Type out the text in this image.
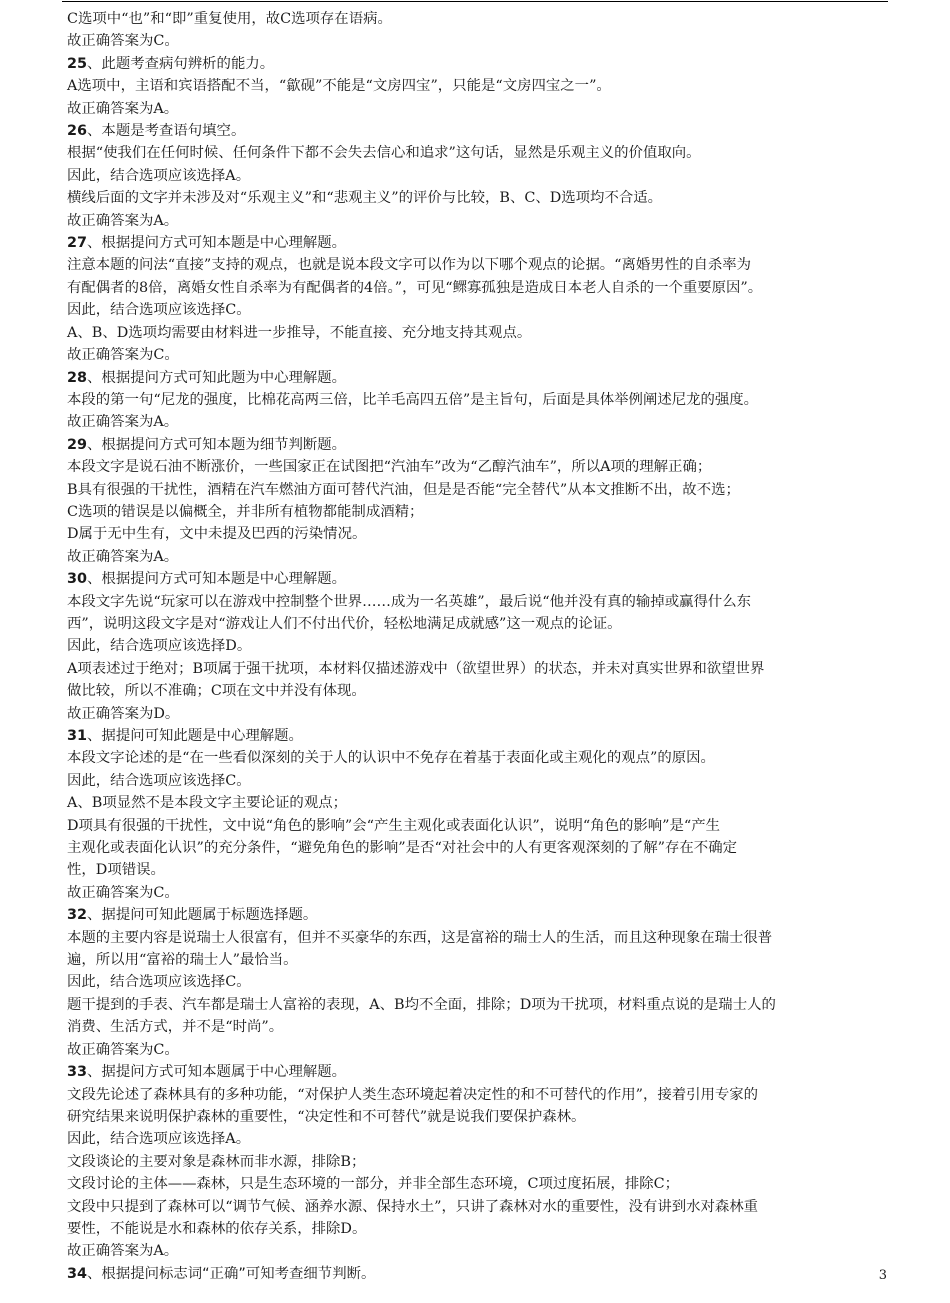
C选项中“也”和“即”重复使用，故C选项存在语病。
故正确答案为C。
25、此题考查病句辨析的能力。
A选项中，主语和宾语搭配不当，“歙砚”不能是“文房四宝”，只能是“文房四宝之一”。
故正确答案为A。
26、本题是考查语句填空。
根据“使我们在任何时候、任何条件下都不会失去信心和追求”这句话，显然是乐观主义的价值取向。
因此，结合选项应该选择A。
横线后面的文字并未涉及对“乐观主义”和“悲观主义”的评价与比较，B、C、D选项均不合适。
故正确答案为A。
27、根据提问方式可知本题是中心理解题。
注意本题的问法“直接”支持的观点，也就是说本段文字可以作为以下哪个观点的论据。“离婚男性的自杀率为
有配偶者的8倍，离婚女性自杀率为有配偶者的4倍。”，可见“鳏寡孤独是造成日本老人自杀的一个重要原因”。
因此，结合选项应该选择C。
A、B、D选项均需要由材料进一步推导，不能直接、充分地支持其观点。
故正确答案为C。
28、根据提问方式可知此题为中心理解题。
本段的第一句“尼龙的强度，比棉花高两三倍，比羊毛高四五倍”是主旨句，后面是具体举例阐述尼龙的强度。
故正确答案为A。
29、根据提问方式可知本题为细节判断题。
本段文字是说石油不断涨价，一些国家正在试图把“汽油车”改为“乙醇汽油车”，所以A项的理解正确；
B具有很强的干扰性，酒精在汽车燃油方面可替代汽油，但是是否能“完全替代”从本文推断不出，故不选；
C选项的错误是以偏概全，并非所有植物都能制成酒精；
D属于无中生有，文中未提及巴西的污染情况。
故正确答案为A。
30、根据提问方式可知本题是中心理解题。
本段文字先说“玩家可以在游戏中控制整个世界……成为一名英雄”，最后说“他并没有真的输掉或赢得什么东
西”，说明这段文字是对“游戏让人们不付出代价，轻松地满足成就感”这一观点的论证。
因此，结合选项应该选择D。
A项表述过于绝对；B项属于强干扰项，本材料仅描述游戏中（欲望世界）的状态，并未对真实世界和欲望世界
做比较，所以不准确；C项在文中并没有体现。
故正确答案为D。
31、据提问可知此题是中心理解题。
本段文字论述的是“在一些看似深刻的关于人的认识中不免存在着基于表面化或主观化的观点”的原因。
因此，结合选项应该选择C。
A、B项显然不是本段文字主要论证的观点；
D项具有很强的干扰性，文中说“角色的影响”会“产生主观化或表面化认识”，说明“角色的影响”是“产生
主观化或表面化认识”的充分条件，“避免角色的影响”是否“对社会中的人有更客观深刻的了解”存在不确定
性，D项错误。
故正确答案为C。
32、据提问可知此题属于标题选择题。
本题的主要内容是说瑞士人很富有，但并不买豪华的东西，这是富裕的瑞士人的生活，而且这种现象在瑞士很普
遍，所以用“富裕的瑞士人”最恰当。
因此，结合选项应该选择C。
题干提到的手表、汽车都是瑞士人富裕的表现，A、B均不全面，排除；D项为干扰项，材料重点说的是瑞士人的
消费、生活方式，并不是“时尚”。
故正确答案为C。
33、据提问方式可知本题属于中心理解题。
文段先论述了森林具有的多种功能，“对保护人类生态环境起着决定性的和不可替代的作用”，接着引用专家的
研究结果来说明保护森林的重要性，“决定性和不可替代”就是说我们要保护森林。
因此，结合选项应该选择A。
文段谈论的主要对象是森林而非水源，排除B；
文段讨论的主体——森林，只是生态环境的一部分，并非全部生态环境，C项过度拓展，排除C；
文段中只提到了森林可以“调节气候、涵养水源、保持水土”，只讲了森林对水的重要性，没有讲到水对森林重
要性，不能说是水和森林的依存关系，排除D。
故正确答案为A。
34、根据提问标志词“正确”可知考查细节判断。	3
